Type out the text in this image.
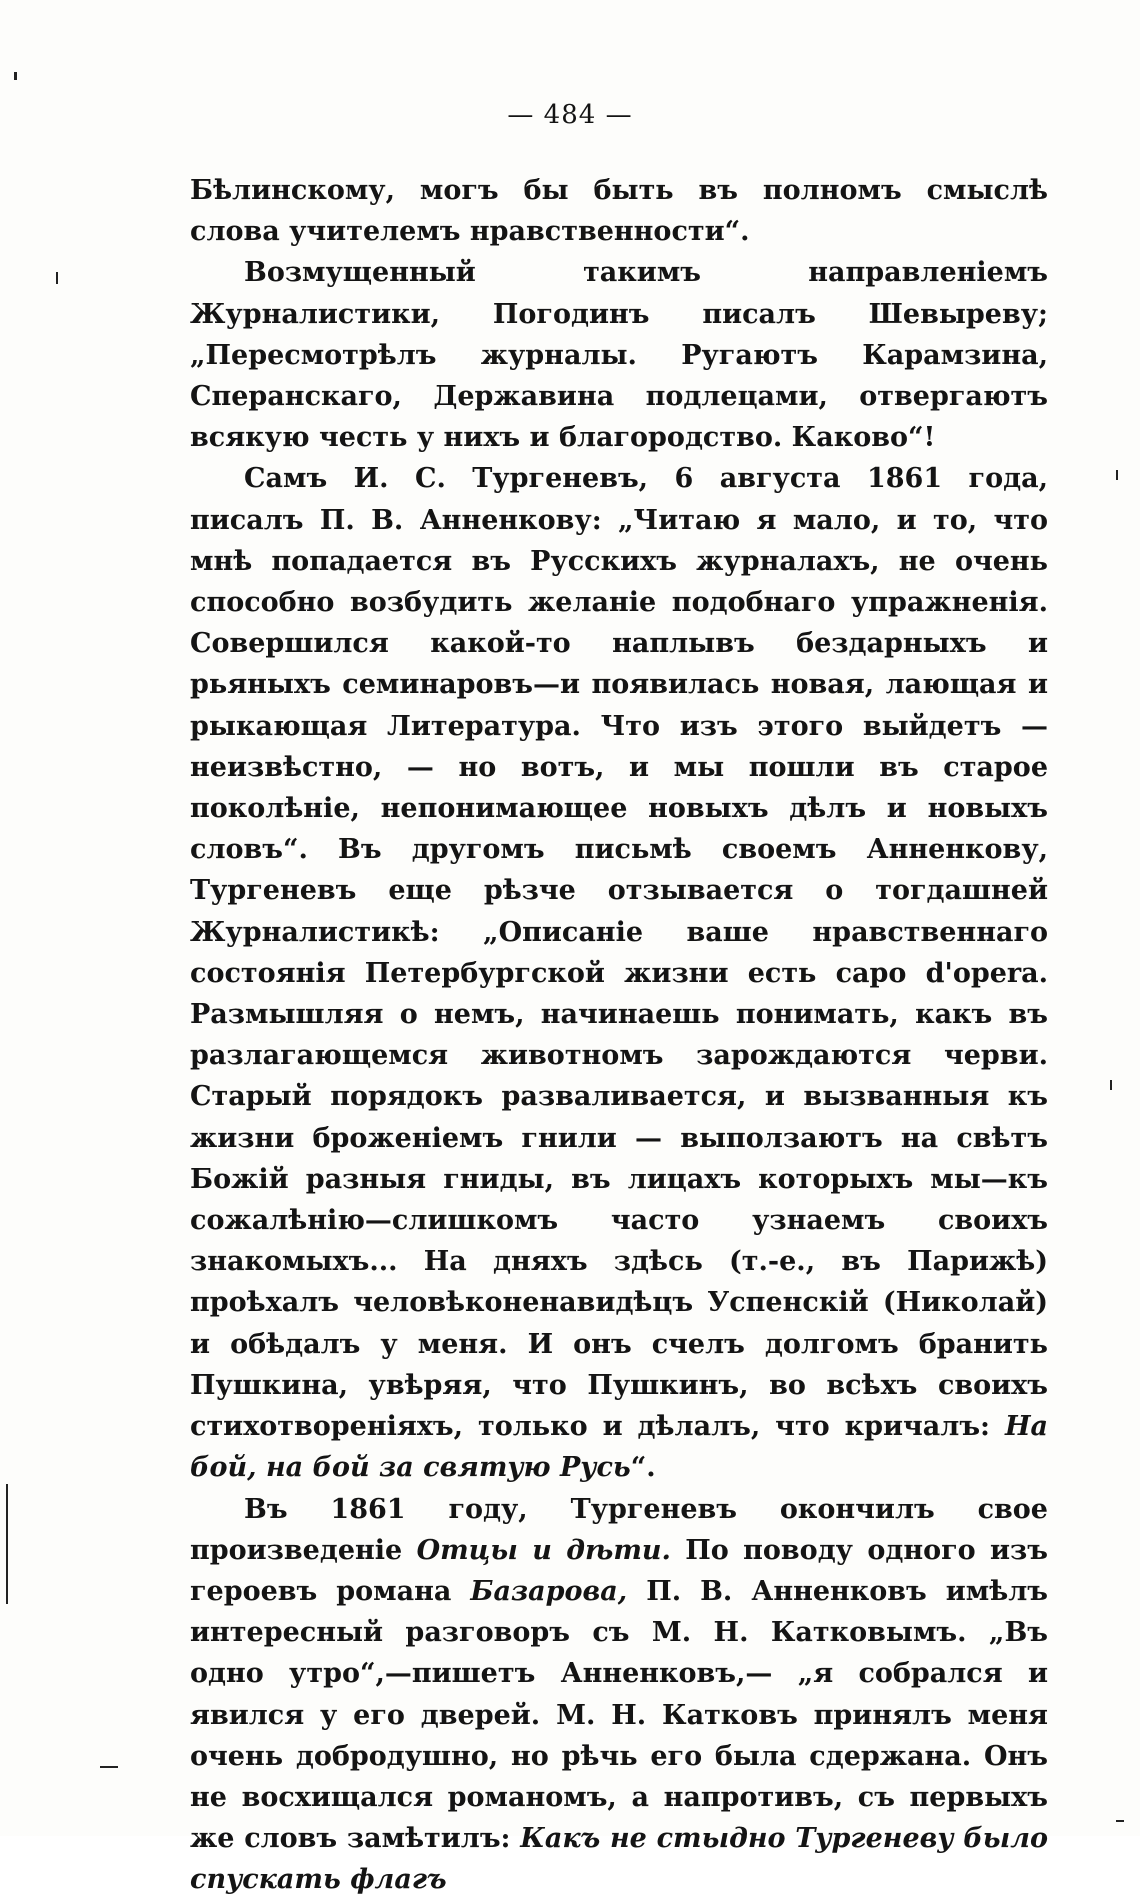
— 484 —

Бѣлинскому, могъ бы быть въ полномъ смыслѣ слова учителемъ нравственности“.

Возмущенный такимъ направленіемъ Журналистики, Погодинъ писалъ Шевыреву; „Пересмотрѣлъ журналы. Ругаютъ Карамзина, Сперанскаго, Державина подлецами, отвергаютъ всякую честь у нихъ и благородство. Каково“!

Самъ И. С. Тургеневъ, 6 августа 1861 года, писалъ П. В. Анненкову: „Читаю я мало, и то, что мнѣ попадается въ Русскихъ журналахъ, не очень способно возбудить желаніе подобнаго упражненія. Совершился какой-то наплывъ бездарныхъ и рьяныхъ семинаровъ—и появилась новая, лающая и рыкающая Литература. Что изъ этого выйдетъ — неизвѣстно, — но вотъ, и мы пошли въ старое поколѣніе, непонимающее новыхъ дѣлъ и новыхъ словъ“. Въ другомъ письмѣ своемъ Анненкову, Тургеневъ еще рѣзче отзывается о тогдашней Журналистикѣ: „Описаніе ваше нравственнаго состоянія Петербургской жизни есть capo d'opera. Размышляя о немъ, начинаешь понимать, какъ въ разлагающемся животномъ зарождаются черви. Старый порядокъ разваливается, и вызванныя къ жизни броженіемъ гнили — выползаютъ на свѣтъ Божій разныя гниды, въ лицахъ которыхъ мы—къ сожалѣнію—слишкомъ часто узнаемъ своихъ знакомыхъ... На дняхъ здѣсь (т.-е., въ Парижѣ) проѣхалъ человѣконенавидѣцъ Успенскій (Николай) и обѣдалъ у меня. И онъ счелъ долгомъ бранить Пушкина, увѣряя, что Пушкинъ, во всѣхъ своихъ стихотвореніяхъ, только и дѣлалъ, что кричалъ: На бой, на бой за святую Русь“.

Въ 1861 году, Тургеневъ окончилъ свое произведеніе Отцы и дѣти. По поводу одного изъ героевъ романа Базарова, П. В. Анненковъ имѣлъ интересный разговоръ съ М. Н. Катковымъ. „Въ одно утро“,—пишетъ Анненковъ,— „я собрался и явился у его дверей. М. Н. Катковъ принялъ меня очень добродушно, но рѣчь его была сдержана. Онъ не восхищался романомъ, а напротивъ, съ первыхъ же словъ замѣтилъ: Какъ не стыдно Тургеневу было спускать флагъ
